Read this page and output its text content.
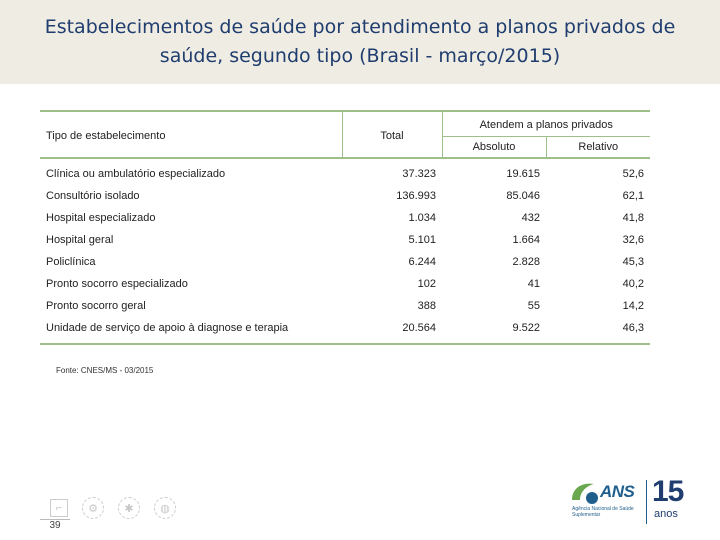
Estabelecimentos de saúde por atendimento a planos privados de saúde, segundo tipo (Brasil - março/2015)
Tipo de estabelecimento	Total	Atendem a planos privados	
		Absoluto	Relativo
Clínica ou ambulatório especializado	37.323	19.615	52,6
Consultório isolado	136.993	85.046	62,1
Hospital especializado	1.034	432	41,8
Hospital geral	5.101	1.664	32,6
Policlínica	6.244	2.828	45,3
Pronto socorro especializado	102	41	40,2
Pronto socorro geral	388	55	14,2
Unidade de serviço de apoio à diagnose e terapia	20.564	9.522	46,3
Fonte: CNES/MS - 03/2015
⌐	⚙	✱	◍
39
ANS
Agência Nacional de Saúde Suplementar
15
anos
